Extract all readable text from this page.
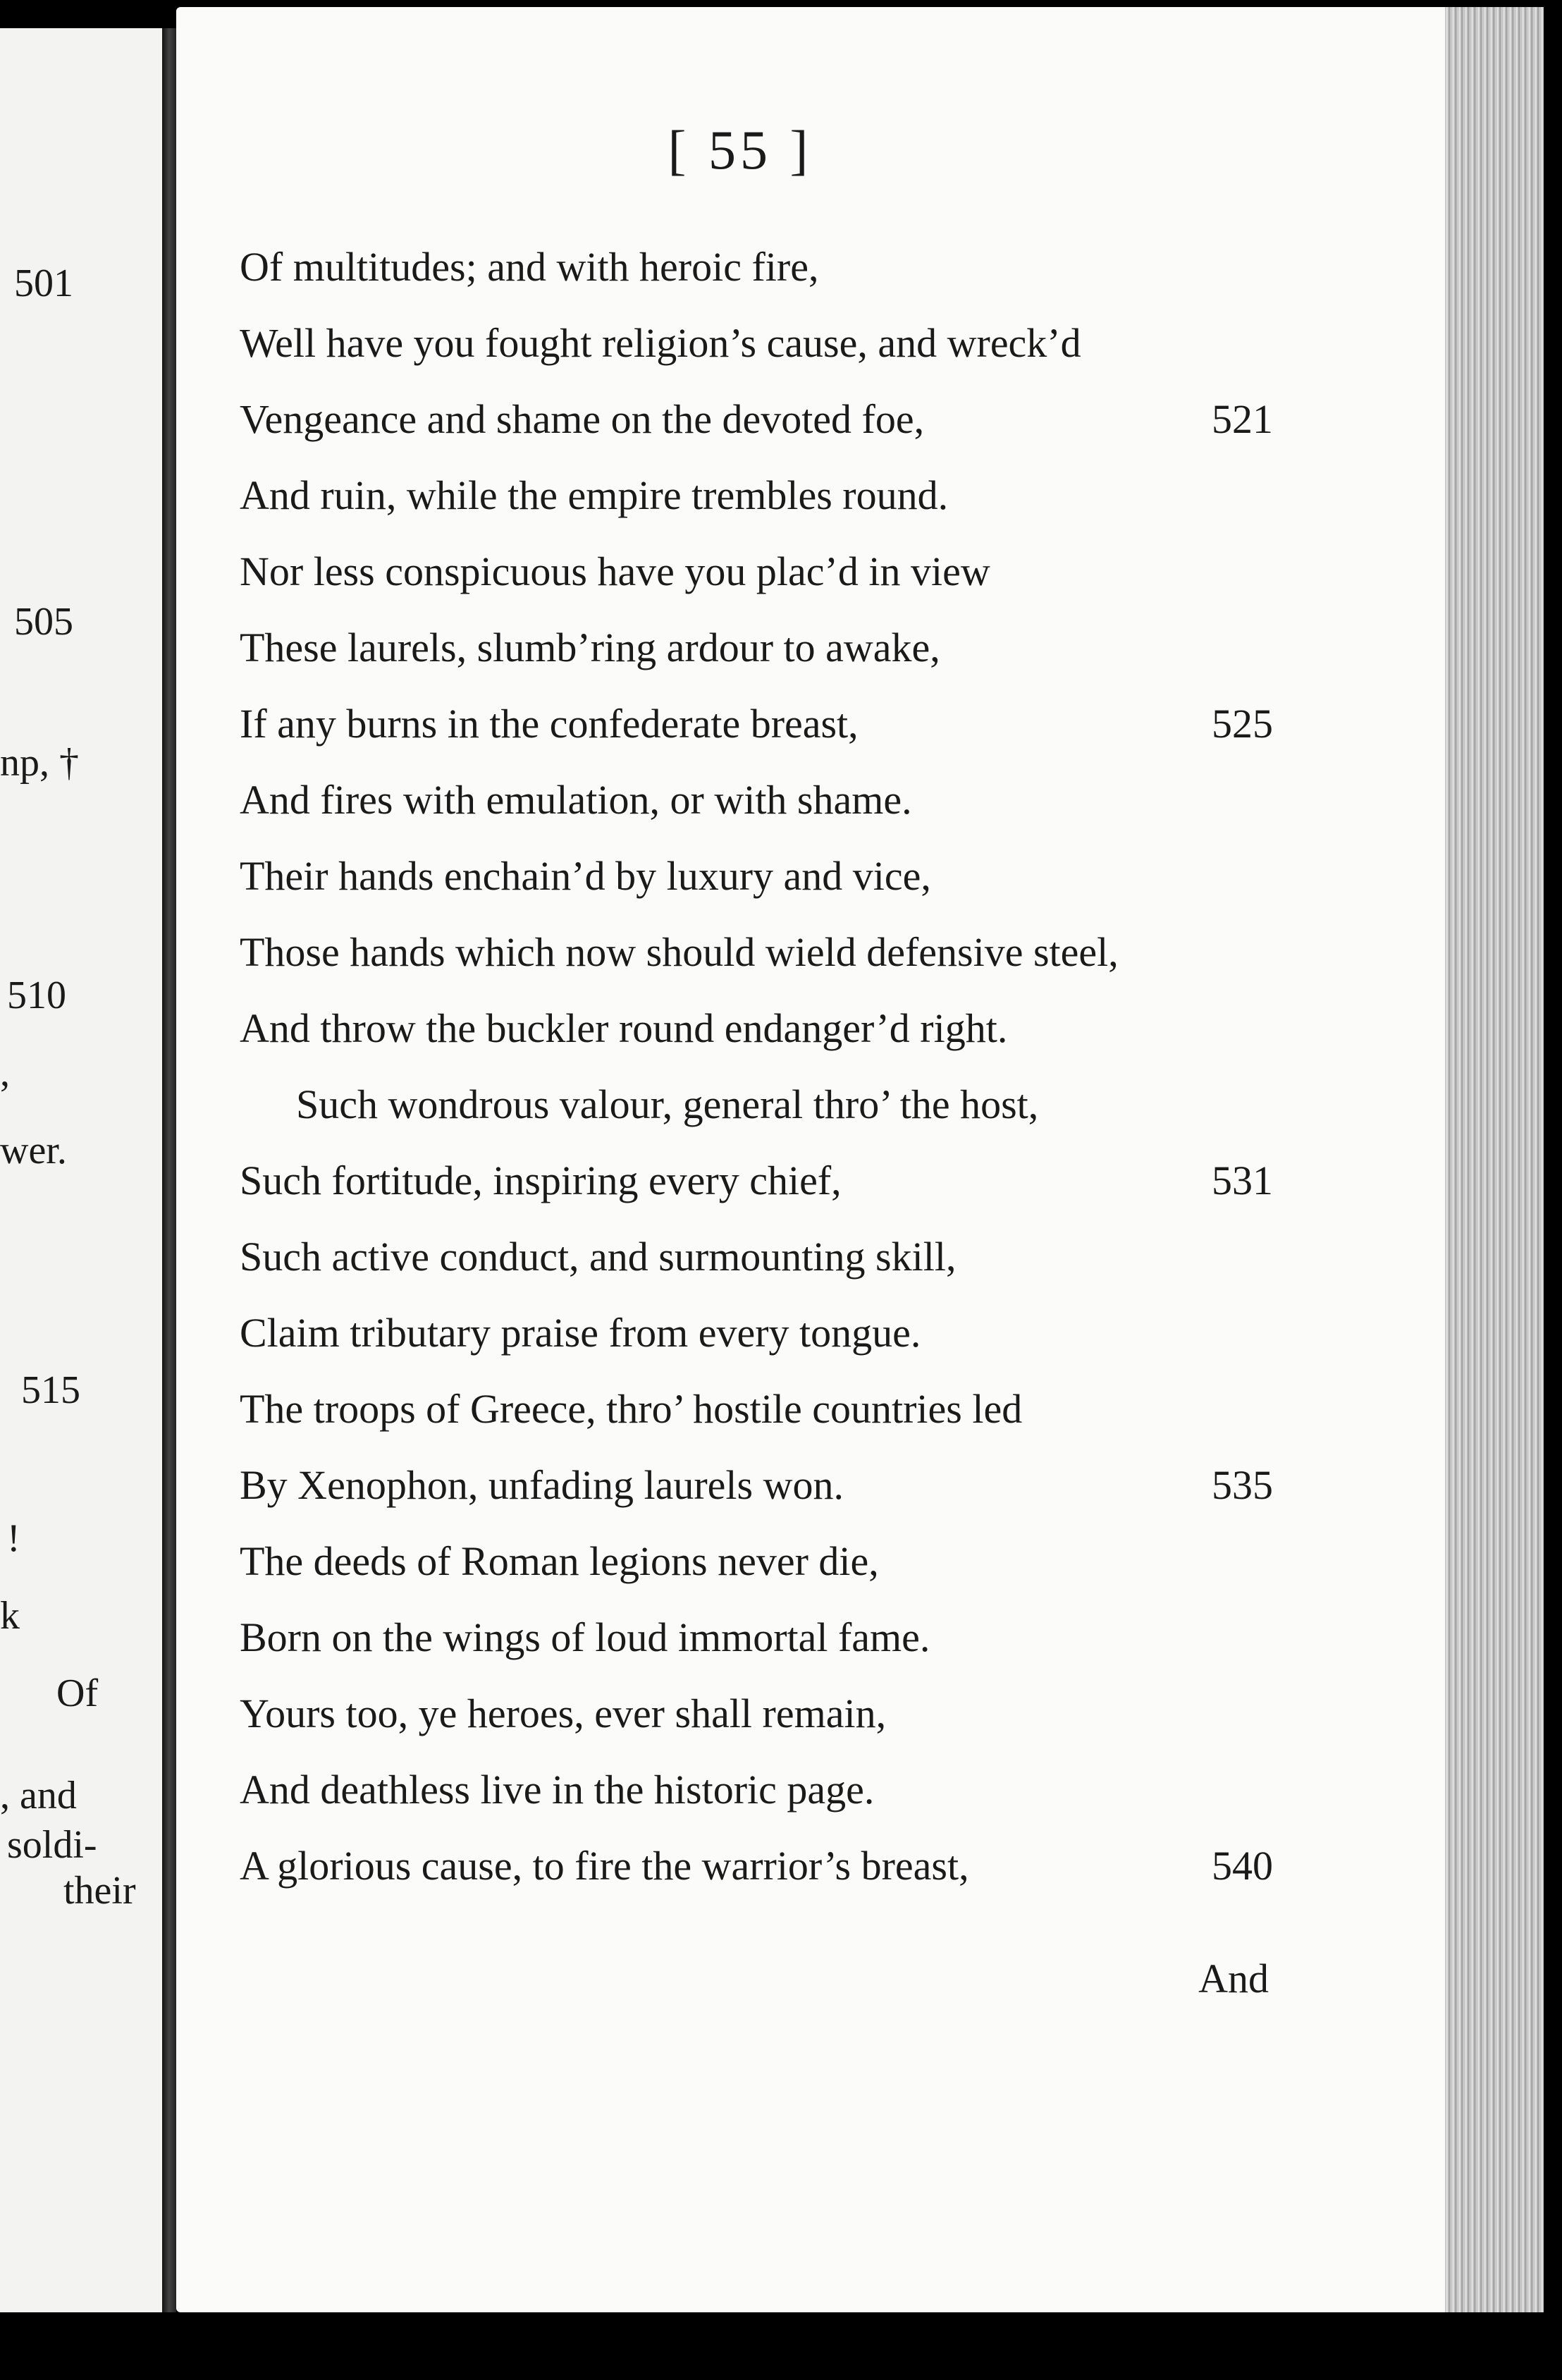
501
505
np, †
510
,
wer.
515
!
k
Of
, and
soldi-
their
[ 55 ]
Of multitudes; and with heroic fire,
Well have you fought religion’s cause, and wreck’d
Vengeance and shame on the devoted foe,	521
And ruin, while the empire trembles round.
Nor less conspicuous have you plac’d in view
These laurels, slumb’ring ardour to awake,
If any burns in the confederate breast,	525
And fires with emulation, or with shame.
Their hands enchain’d by luxury and vice,
Those hands which now should wield defensive steel,
And throw the buckler round endanger’d right.
Such wondrous valour, general thro’ the host,
Such fortitude, inspiring every chief,	531
Such active conduct, and surmounting skill,
Claim tributary praise from every tongue.
The troops of Greece, thro’ hostile countries led
By Xenophon, unfading laurels won.	535
The deeds of Roman legions never die,
Born on the wings of loud immortal fame.
Yours too, ye heroes, ever shall remain,
And deathless live in the historic page.
A glorious cause, to fire the warrior’s breast,	540
And
